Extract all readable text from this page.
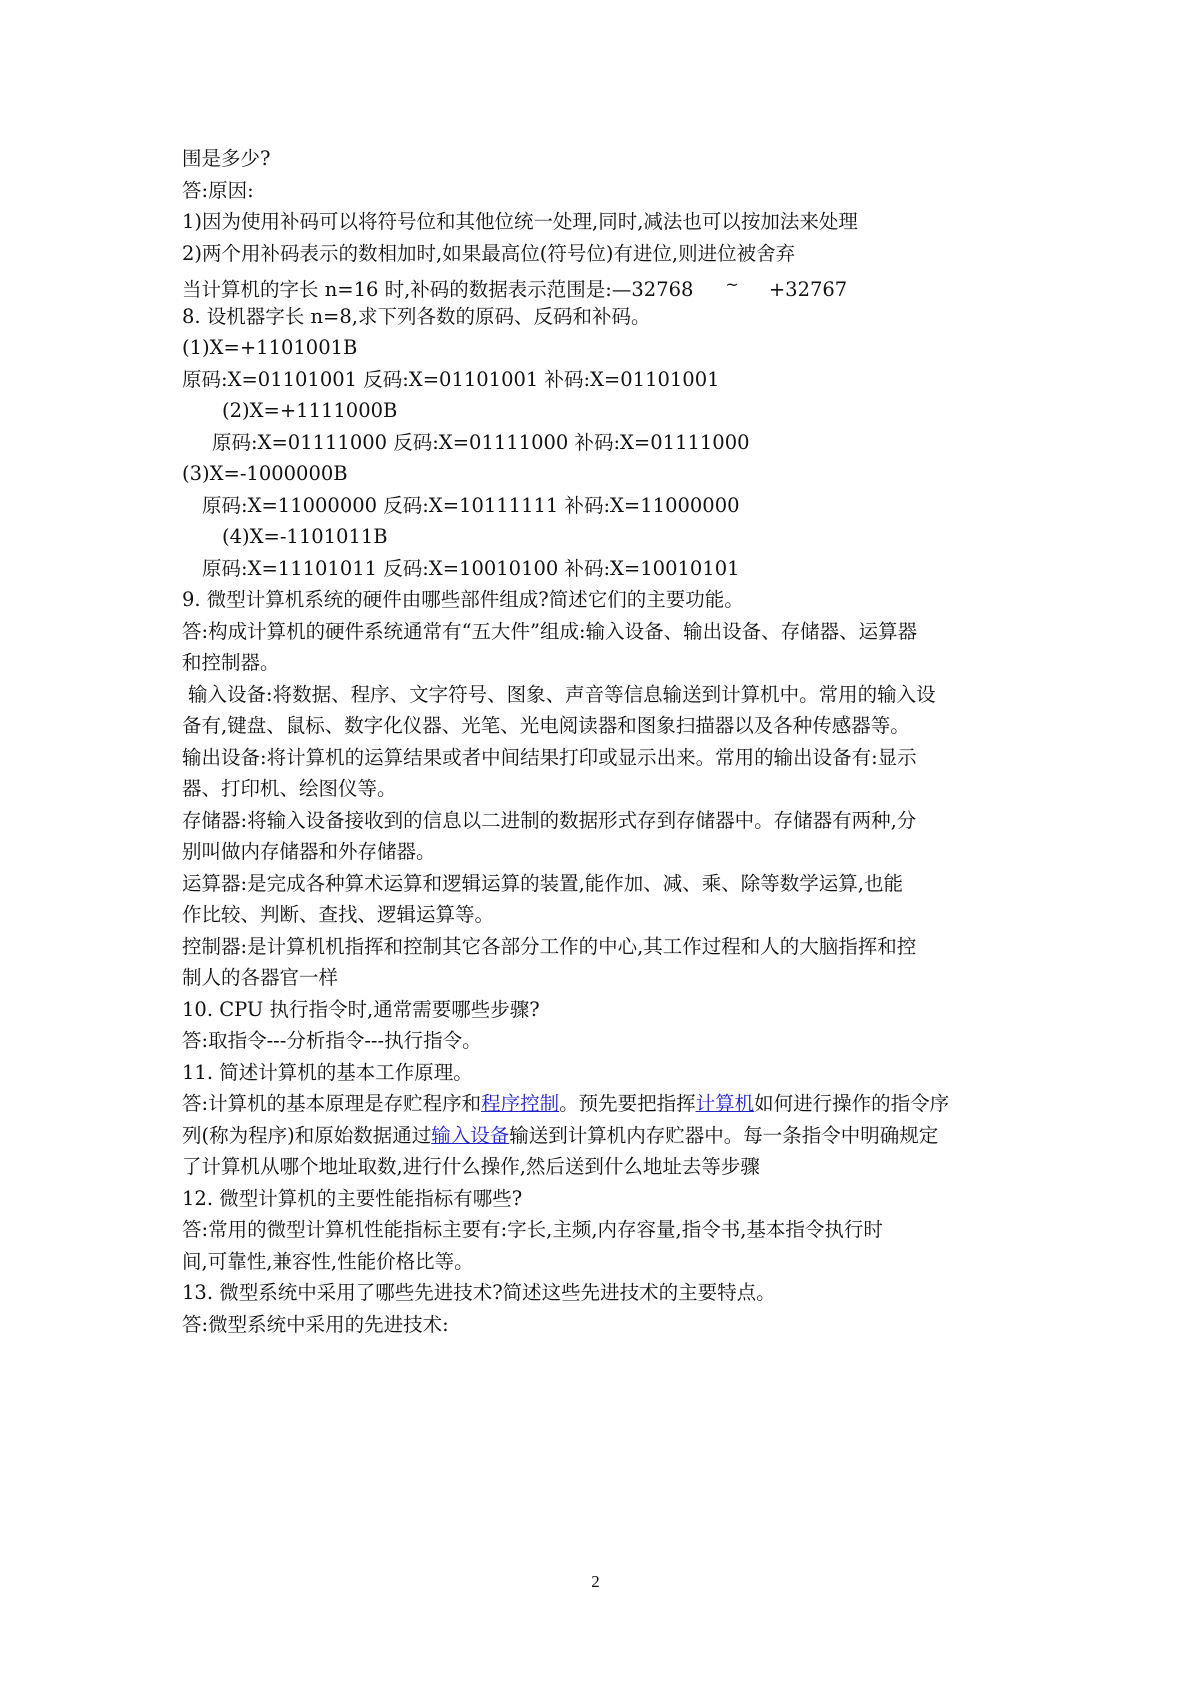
围是多少?
答:原因:
1)因为使用补码可以将符号位和其他位统一处理,同时,减法也可以按加法来处理
2)两个用补码表示的数相加时,如果最高位(符号位)有进位,则进位被舍弃
当计算机的字长 n=16 时,补码的数据表示范围是:—32768 ~ +32767
8. 设机器字长 n=8,求下列各数的原码、反码和补码。
(1)X=+1101001B
原码:X=01101001 反码:X=01101001 补码:X=01101001
(2)X=+1111000B
原码:X=01111000 反码:X=01111000 补码:X=01111000
(3)X=-1000000B
原码:X=11000000 反码:X=10111111 补码:X=11000000
(4)X=-1101011B
原码:X=11101011 反码:X=10010100 补码:X=10010101
9. 微型计算机系统的硬件由哪些部件组成?简述它们的主要功能。
答:构成计算机的硬件系统通常有“五大件”组成:输入设备、输出设备、存储器、运算器
和控制器。
输入设备:将数据、程序、文字符号、图象、声音等信息输送到计算机中。常用的输入设
备有,键盘、鼠标、数字化仪器、光笔、光电阅读器和图象扫描器以及各种传感器等。
输出设备:将计算机的运算结果或者中间结果打印或显示出来。常用的输出设备有:显示
器、打印机、绘图仪等。
存储器:将输入设备接收到的信息以二进制的数据形式存到存储器中。存储器有两种,分
别叫做内存储器和外存储器。
运算器:是完成各种算术运算和逻辑运算的装置,能作加、减、乘、除等数学运算,也能
作比较、判断、查找、逻辑运算等。
控制器:是计算机机指挥和控制其它各部分工作的中心,其工作过程和人的大脑指挥和控
制人的各器官一样
10. CPU 执行指令时,通常需要哪些步骤?
答:取指令---分析指令---执行指令。
11. 简述计算机的基本工作原理。
答:计算机的基本原理是存贮程序和程序控制。预先要把指挥计算机如何进行操作的指令序
列(称为程序)和原始数据通过输入设备输送到计算机内存贮器中。每一条指令中明确规定
了计算机从哪个地址取数,进行什么操作,然后送到什么地址去等步骤
12. 微型计算机的主要性能指标有哪些?
答:常用的微型计算机性能指标主要有:字长,主频,内存容量,指令书,基本指令执行时
间,可靠性,兼容性,性能价格比等。
13. 微型系统中采用了哪些先进技术?简述这些先进技术的主要特点。
答:微型系统中采用的先进技术:
2
